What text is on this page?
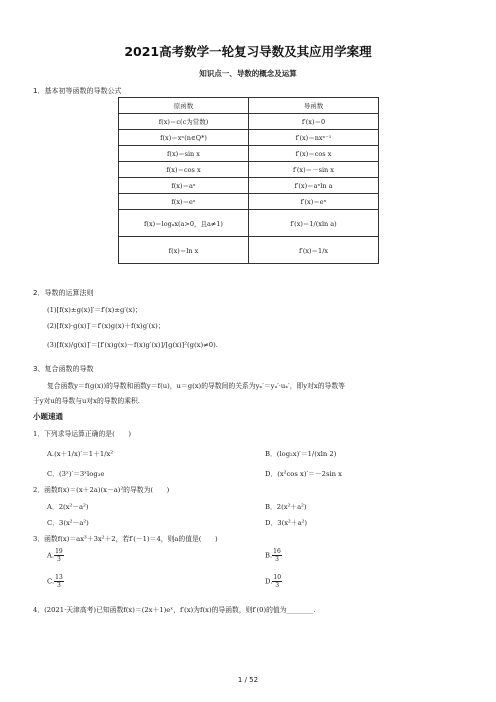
2021高考数学一轮复习导数及其应用学案理
知识点一、导数的概念及运算
1．基本初等函数的导数公式
原函数	导函数
f(x)＝c(c为常数)	f′(x)＝0
f(x)＝xⁿ(n∈Q*)	f′(x)＝nxⁿ⁻¹
f(x)＝sin x	f′(x)＝cos x
f(x)＝cos x	f′(x)＝－sin x
f(x)＝aˣ	f′(x)＝aˣln a
f(x)＝eˣ	f′(x)＝eˣ
f(x)＝logₐx(a>0，且a≠1)	f′(x)＝1/(xln a)
f(x)＝ln x	f′(x)＝1/x
2．导数的运算法则
(1)[f(x)±g(x)]′＝f′(x)±g′(x)；
(2)[f(x)·g(x)]′＝f′(x)g(x)＋f(x)g′(x)；
(3)[f(x)/g(x)]′＝[f′(x)g(x)－f(x)g′(x)]/[g(x)]²(g(x)≠0).
3、复合函数的导数
复合函数y＝f(g(x))的导数和函数y＝f(u)，u＝g(x)的导数间的关系为yₓ′＝yᵤ′·uₓ′，即y对x的导数等
于y对u的导数与u对x的导数的乘积.
小题速通
1．下列求导运算正确的是(　　)
A.(x＋1/x)′＝1＋1/x²	B．(log₂x)′＝1/(xln 2)
C．(3ˣ)′＝3ˣlog₃e	D．(x²cos x)′＝－2sin x
2．函数f(x)＝(x＋2a)(x－a)²的导数为(　　)
A．2(x²－a²)	B．2(x²＋a²)
C．3(x²－a²)	D．3(x²＋a²)
3．函数f(x)＝ax³＋3x²＋2，若f′(－1)＝4，则a的值是(　　)
A. $\frac{19}{3}$	B. $\frac{16}{3}$
C. $\frac{13}{3}$	D. $\frac{10}{3}$
4．(2021·天津高考)已知函数f(x)＝(2x＋1)eˣ，f′(x)为f(x)的导函数，则f′(0)的值为________.
1 / 52
